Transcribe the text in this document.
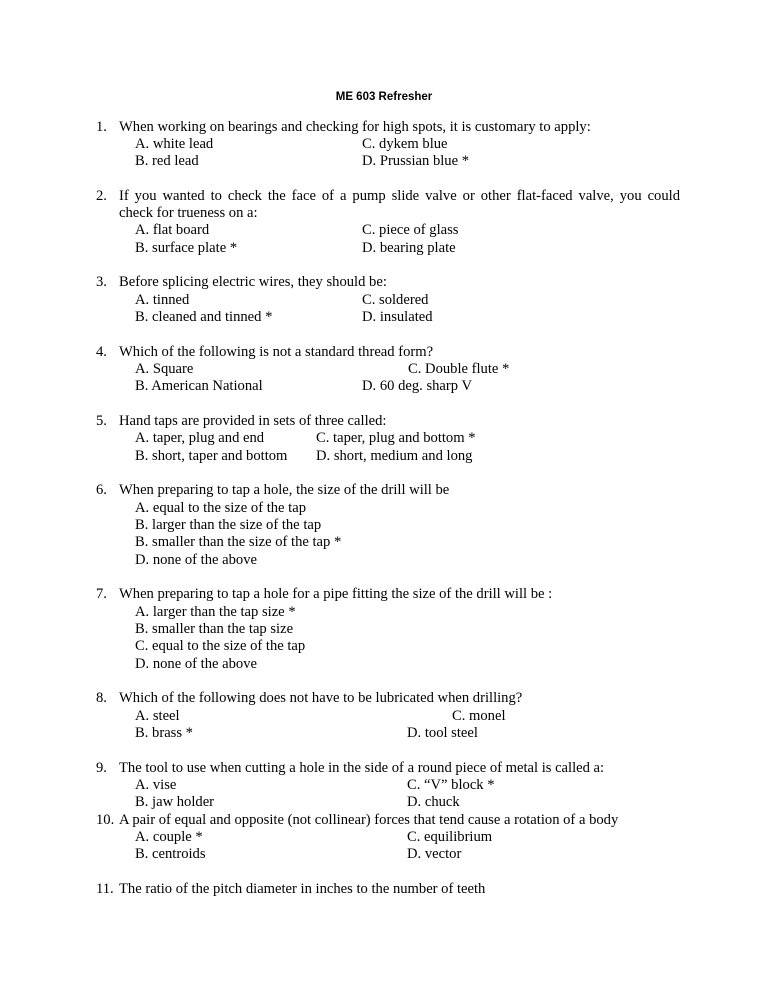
ME 603 Refresher
1. When working on bearings and checking for high spots, it is customary to apply:
A. white lead	C. dykem blue
B. red lead	D. Prussian blue *
2. If you wanted to check the face of a pump slide valve or other flat-faced valve, you could
check for trueness on a:
A. flat board	C. piece of glass
B. surface plate *	D. bearing plate
3. Before splicing electric wires, they should be:
A. tinned	C. soldered
B. cleaned and tinned *	D. insulated
4. Which of the following is not a standard thread form?
A. Square	C. Double flute *
B. American National	D. 60 deg. sharp V
5. Hand taps are provided in sets of three called:
A. taper, plug and end	C. taper, plug and bottom *
B. short, taper and bottom D. short, medium and long
6. When preparing to tap a hole, the size of the drill will be
A. equal to the size of the tap
B. larger than the size of the tap
B. smaller than the size of the tap *
D. none of the above
7. When preparing to tap a hole for a pipe fitting the size of the drill will be :
A. larger than the tap size *
B. smaller than the tap size
C. equal to the size of the tap
D. none of the above
8. Which of the following does not have to be lubricated when drilling?
A. steel	C. monel
B. brass *	D. tool steel
9. The tool to use when cutting a hole in the side of a round piece of metal is called a:
A. vise	C. “V” block *
B. jaw holder	D. chuck
10. A pair of equal and opposite (not collinear) forces that tend cause a rotation of a body
A. couple *	C. equilibrium
B. centroids	D. vector
11. The ratio of the pitch diameter in inches to the number of teeth
